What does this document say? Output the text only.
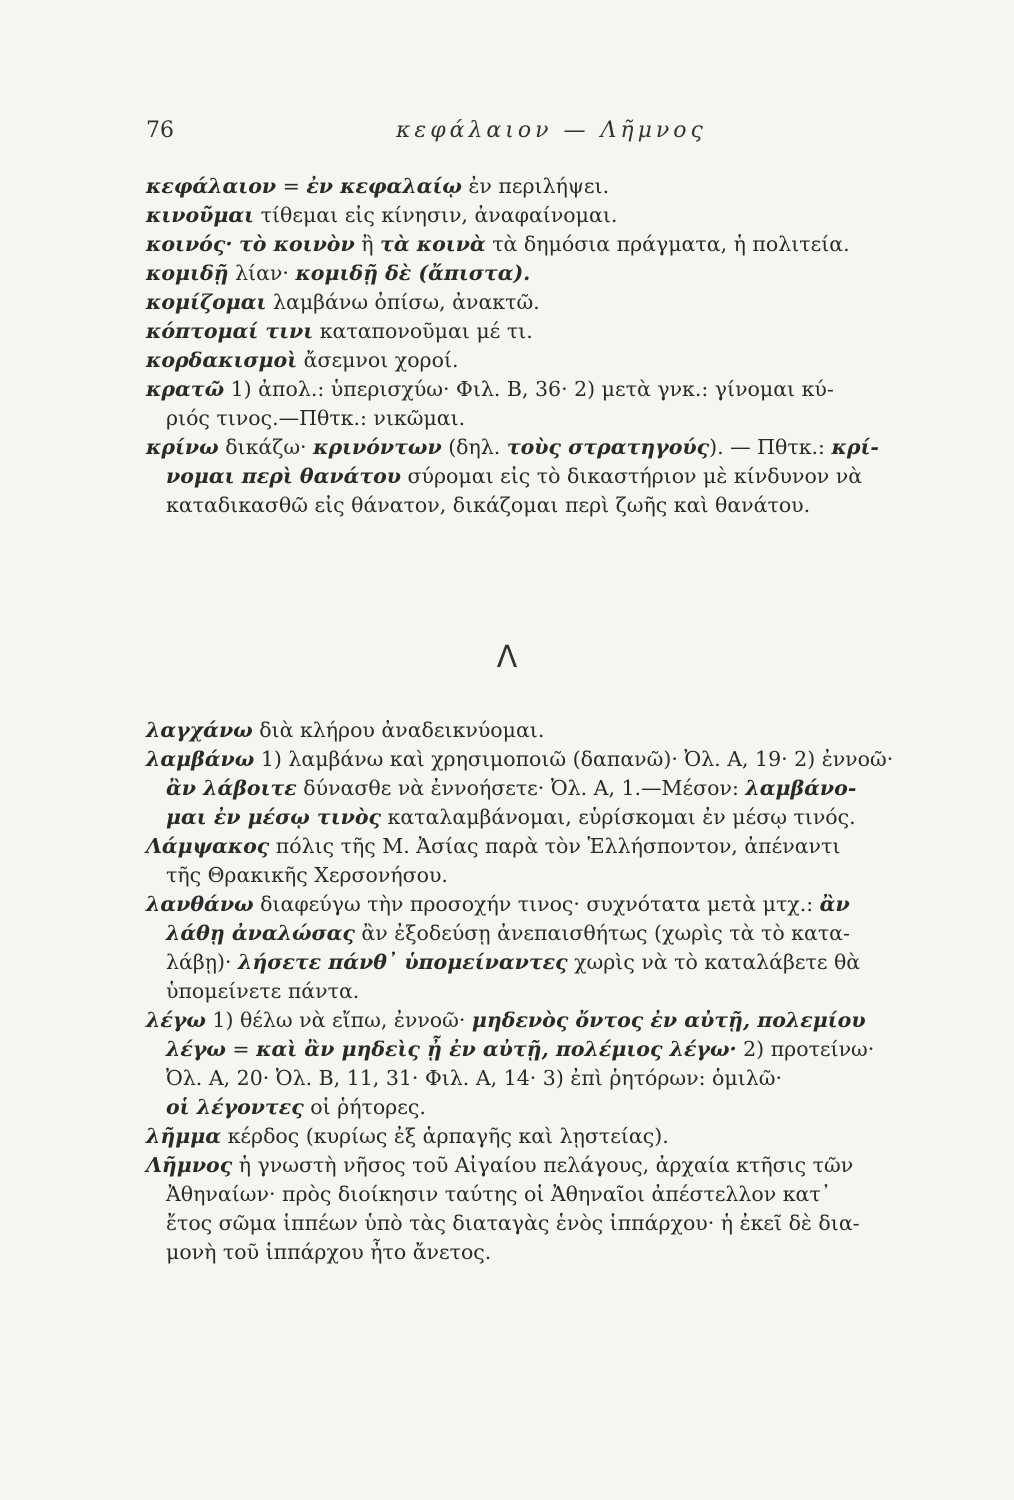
76	κεφάλαιον — Λῆμνος
κεφάλαιον = ἐν κεφαλαίῳ ἐν περιλήψει.
κινοῦμαι τίθεμαι εἰς κίνησιν, ἀναφαίνομαι.
κοινός· τὸ κοινὸν ἢ τὰ κοινὰ τὰ δημόσια πράγματα, ἡ πολιτεία.
κομιδῇ λίαν· κομιδῇ δὲ (ἄπιστα).
κομίζομαι λαμβάνω ὀπίσω, ἀνακτῶ.
κόπτομαί τινι καταπονοῦμαι μέ τι.
κορδακισμοὶ ἄσεμνοι χοροί.
κρατῶ 1) ἀπολ.: ὑπερισχύω· Φιλ. Β, 36· 2) μετὰ γνκ.: γίνομαι κύ-
ριός τινος.—Πθτκ.: νικῶμαι.
κρίνω δικάζω· κρινόντων (δηλ. τοὺς στρατηγούς). — Πθτκ.: κρί-
νομαι περὶ θανάτου σύρομαι εἰς τὸ δικαστήριον μὲ κίνδυνον νὰ
καταδικασθῶ εἰς θάνατον, δικάζομαι περὶ ζωῆς καὶ θανάτου.
Λ
λαγχάνω διὰ κλήρου ἀναδεικνύομαι.
λαμβάνω 1) λαμβάνω καὶ χρησιμοποιῶ (δαπανῶ)· Ὀλ. Α, 19· 2) ἐννοῶ·
ἂν λάβοιτε δύνασθε νὰ ἐννοήσετε· Ὀλ. Α, 1.—Μέσον: λαμβάνο-
μαι ἐν μέσῳ τινὸς καταλαμβάνομαι, εὑρίσκομαι ἐν μέσῳ τινός.
Λάμψακος πόλις τῆς Μ. Ἀσίας παρὰ τὸν Ἑλλήσποντον, ἀπέναντι
τῆς Θρακικῆς Χερσονήσου.
λανθάνω διαφεύγω τὴν προσοχήν τινος· συχνότατα μετὰ μτχ.: ἂν
λάθῃ ἀναλώσας ἂν ἐξοδεύσῃ ἀνεπαισθήτως (χωρὶς τὰ τὸ κατα-
λάβῃ)· λήσετε πάνθ᾽ ὑπομείναντες χωρὶς νὰ τὸ καταλάβετε θὰ
ὑπομείνετε πάντα.
λέγω 1) θέλω νὰ εἴπω, ἐννοῶ· μηδενὸς ὄντος ἐν αὐτῇ, πολεμίου
λέγω = καὶ ἂν μηδεὶς ᾖ ἐν αὐτῇ, πολέμιος λέγω· 2) προτείνω·
Ὀλ. Α, 20· Ὀλ. Β, 11, 31· Φιλ. Α, 14· 3) ἐπὶ ῥητόρων: ὁμιλῶ·
οἱ λέγοντες οἱ ῥήτορες.
λῆμμα κέρδος (κυρίως ἐξ ἁρπαγῆς καὶ λῃστείας).
Λῆμνος ἡ γνωστὴ νῆσος τοῦ Αἰγαίου πελάγους, ἀρχαία κτῆσις τῶν
Ἀθηναίων· πρὸς διοίκησιν ταύτης οἱ Ἀθηναῖοι ἀπέστελλον κατ᾽
ἔτος σῶμα ἱππέων ὑπὸ τὰς διαταγὰς ἑνὸς ἱππάρχου· ἡ ἐκεῖ δὲ δια-
μονὴ τοῦ ἱππάρχου ἦτο ἄνετος.
